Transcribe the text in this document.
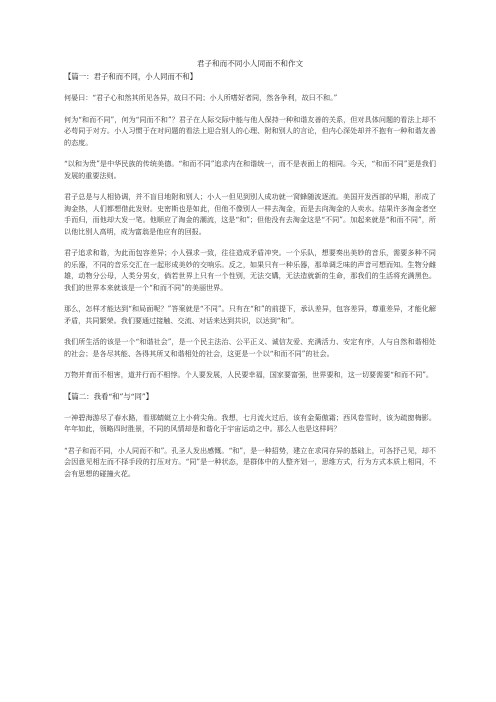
君子和而不同小人同而不和作文
【篇一：君子和而不同，小人同而不和】
何晏曰：“君子心和然其所见各异，故曰不同；小人所嗜好者同，然各争利，故曰不和。”
何为“和而不同”，何为“同而不和”？君子在人际交际中能与他人保持一种和谐友善的关系，但对具体问题的看法上却不必苟同于对方。小人习惯于在对问题的看法上迎合别人的心理、附和别人的言论，但内心深处却并不抱有一种和谐友善的态度。
“以和为贵”是中华民族的传统美德。“和而不同”追求内在和谐统一，而不是表面上的相同。今天，“和而不同”更是我们发展的重要法则。
君子总是与人相协调，并不盲目地附和别人；小人一但见到别人成功就一窝蜂随波逐流。美国开发西部的早期，形成了淘金热，人们都想借此发财。史密斯也是如此，但他不像别人一样去淘金，而是去向淘金的人卖水。结果许多淘金者空手而归，而他却大发一笔。他顺应了淘金的潮流，这是“和”；但他没有去淘金这是“不同”。加起来就是“和而不同”，所以他比别人高明，成为富翁是他应有的回报。
君子追求和谐，为此而包容差异；小人强求一致，往往造成矛盾冲突。一个乐队，想要奏出美妙的音乐，需要多种不同的乐器，不同的音乐交汇在一起形成美妙的交响乐。反之，如果只有一种乐器，那单调乏味的声音可想而知。生物分雌雄，动物分公母，人类分男女，倘若世界上只有一个性别，无法交媾，无法造就新的生命，那我们的生活将充满黑色。我们的世界本来就该是一个“和而不同”的美丽世界。
那么，怎样才能达到“和局面呢？”答案就是“不同”。只有在“和”的前提下，承认差异，包容差异，尊重差异，才能化解矛盾，共同繁荣。我们要通过接触、交流、对话来达到共识，以达到“和”。
我们所生活的该是一个“和谐社会”，是一个民主法治、公平正义、诚信友爱、充满活力、安定有序，人与自然和谐相处的社会；是各尽其能、各得其所又和谐相处的社会，这更是一个以“和而不同”的社会。
万物并育而不相害，道并行而不相悖。个人要发展，人民要幸福，国家要富强，世界要和，这一切要需要“和而不同”。
【篇二：我看“和”与“同”】
一神碧海游尽了春水路，看那蜻蜓立上小荷尖角。我想，七月流火过后，该有金菊傲霜；西风卷雪时，该为疏窗梅影。年年如此，领略四时胜景，不同的风情却是和谐化于宇宙运动之中。那么人也是这样吗？
“君子和而不同，小人同而不和”。孔圣人发出感慨。“和”，是一种招势，建立在求同存异的基础上，可各抒己见，却不会因意见相左而不择手段的打压对方。“同”是一种状态，是群体中的人整齐划一，思维方式，行为方式本质上相同，不会有思想的碰撞火花。
